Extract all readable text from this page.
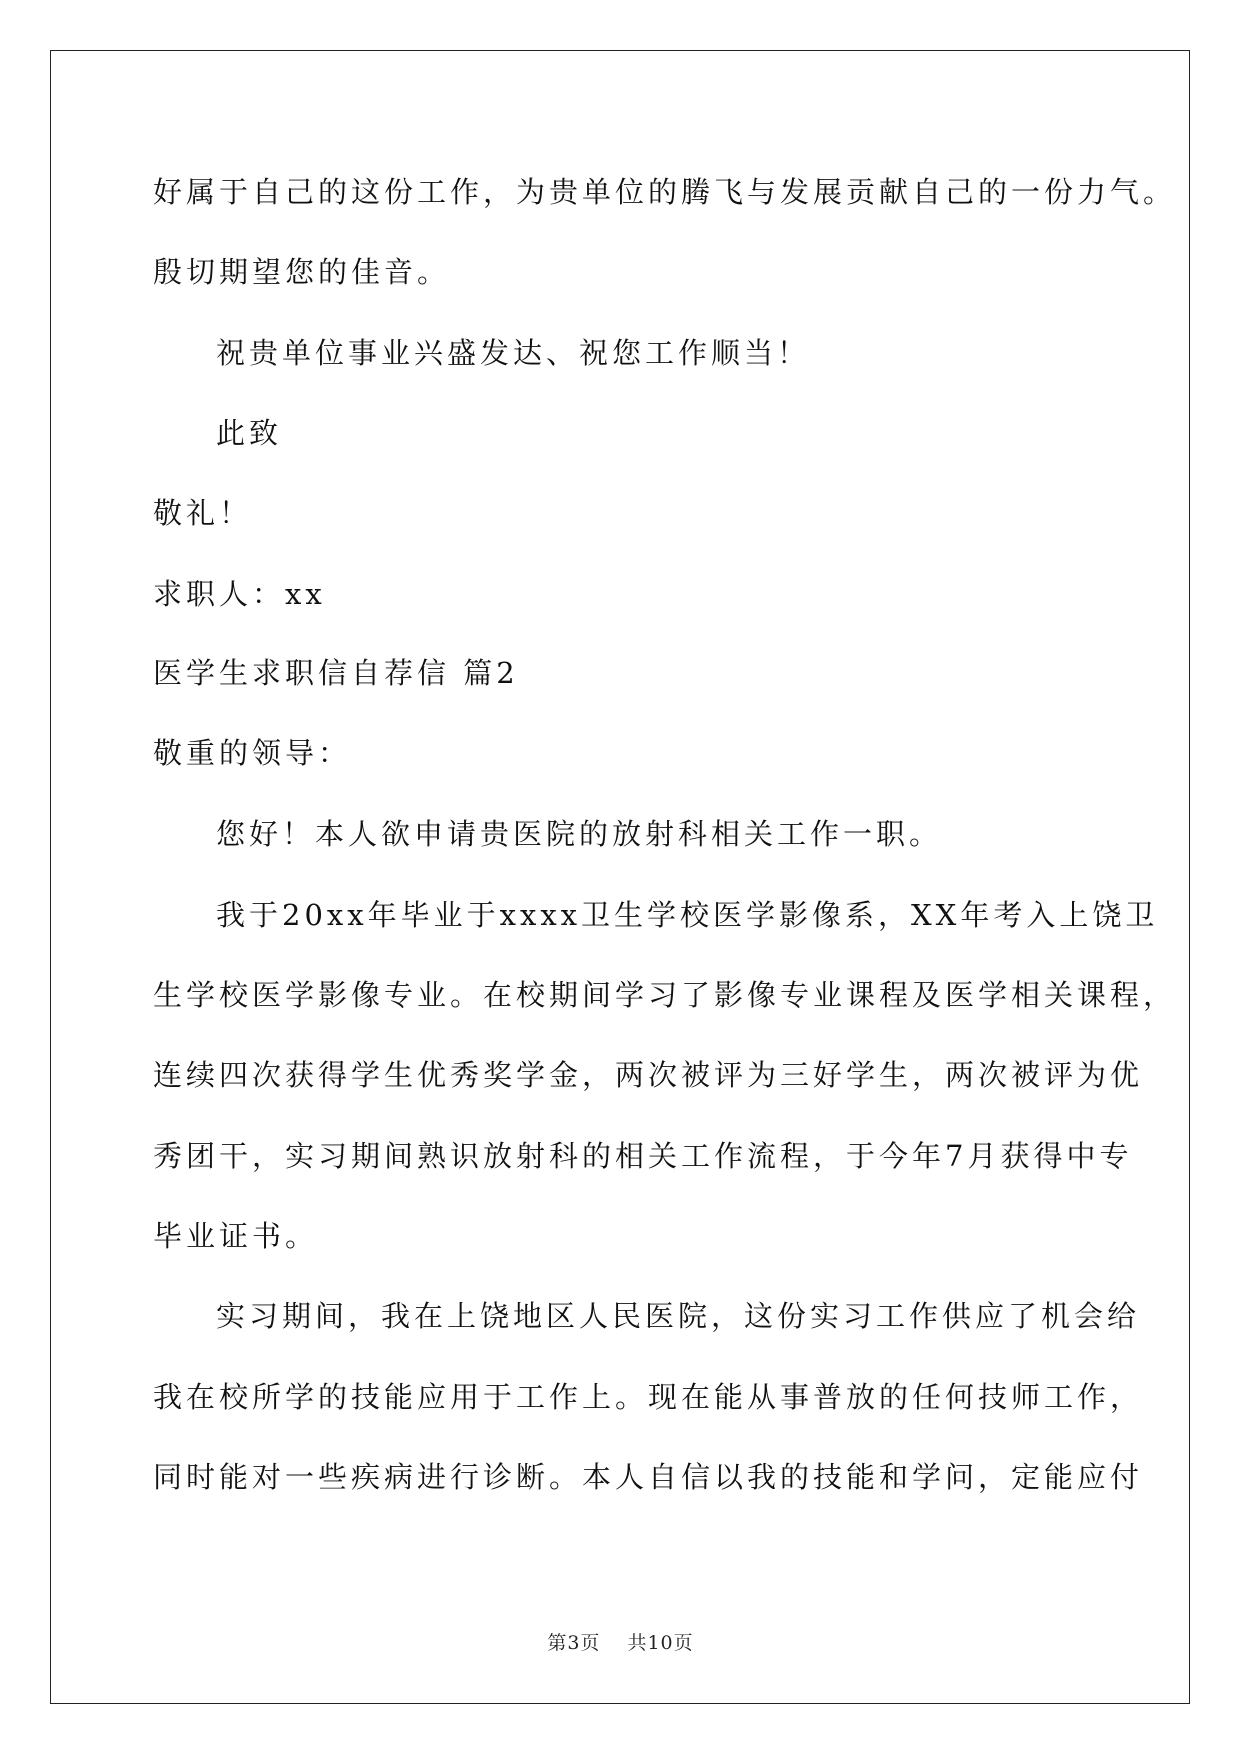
好属于自己的这份工作，为贵单位的腾飞与发展贡献自己的一份力气。
殷切期望您的佳音。
祝贵单位事业兴盛发达、祝您工作顺当！
此致
敬礼！
求职人：xx
医学生求职信自荐信 篇2
敬重的领导：
您好！本人欲申请贵医院的放射科相关工作一职。
我于20xx年毕业于xxxx卫生学校医学影像系，XX年考入上饶卫
生学校医学影像专业。在校期间学习了影像专业课程及医学相关课程，
连续四次获得学生优秀奖学金，两次被评为三好学生，两次被评为优
秀团干，实习期间熟识放射科的相关工作流程，于今年7月获得中专
毕业证书。
实习期间，我在上饶地区人民医院，这份实习工作供应了机会给
我在校所学的技能应用于工作上。现在能从事普放的任何技师工作，
同时能对一些疾病进行诊断。本人自信以我的技能和学问，定能应付
第3页 共10页
